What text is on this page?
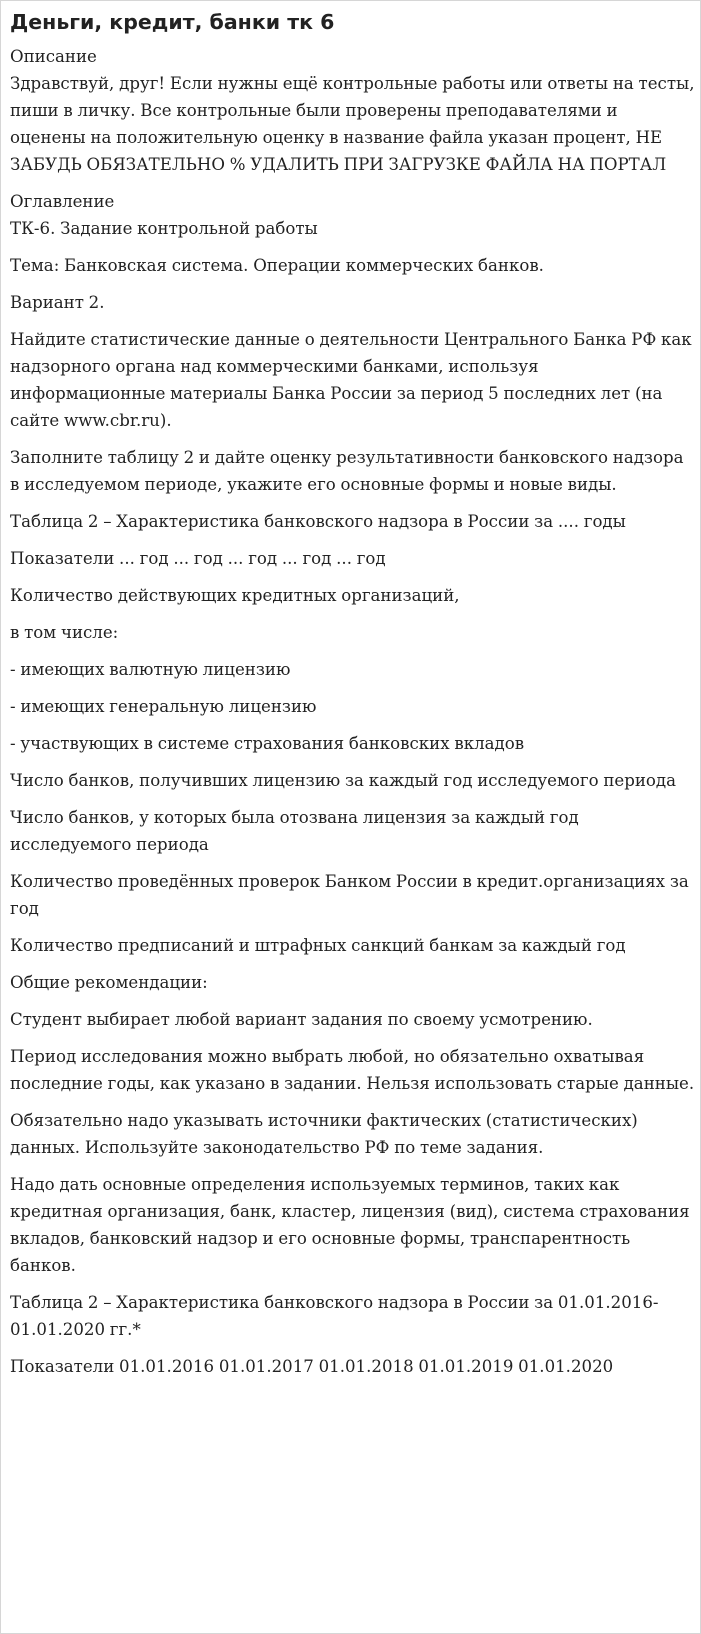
Деньги, кредит, банки тк 6
Описание
Здравствуй, друг! Если нужны ещё контрольные работы или ответы на тесты, пиши в личку. Все контрольные были проверены преподавателями и оценены на положительную оценку в название файла указан процент, НЕ ЗАБУДЬ ОБЯЗАТЕЛЬНО % УДАЛИТЬ ПРИ ЗАГРУЗКЕ ФАЙЛА НА ПОРТАЛ
Оглавление
ТК-6. Задание контрольной работы
Тема: Банковская система. Операции коммерческих банков.
Вариант 2.
Найдите статистические данные о деятельности Центрального Банка РФ как надзорного органа над коммерческими банками, используя информационные материалы Банка России за период 5 последних лет (на сайте www.cbr.ru).
Заполните таблицу 2 и дайте оценку результативности банковского надзора в исследуемом периоде, укажите его основные формы и новые виды.
Таблица 2 – Характеристика банковского надзора в России за .... годы
Показатели ... год ... год ... год ... год ... год
Количество действующих кредитных организаций,
в том числе:
- имеющих валютную лицензию
- имеющих генеральную лицензию
- участвующих в системе страхования банковских вкладов
Число банков, получивших лицензию за каждый год исследуемого периода
Число банков, у которых была отозвана лицензия за каждый год исследуемого периода
Количество проведённых проверок Банком России в кредит.организациях за год
Количество предписаний и штрафных санкций банкам за каждый год
Общие рекомендации:
Студент выбирает любой вариант задания по своему усмотрению.
Период исследования можно выбрать любой, но обязательно охватывая последние годы, как указано в задании. Нельзя использовать старые данные.
Обязательно надо указывать источники фактических (статистических) данных. Используйте законодательство РФ по теме задания.
Надо дать основные определения используемых терминов, таких как кредитная организация, банк, кластер, лицензия (вид), система страхования вкладов, банковский надзор и его основные формы, транспарентность банков.
Таблица 2 – Характеристика банковского надзора в России за 01.01.2016-01.01.2020 гг.*
Показатели 01.01.2016 01.01.2017 01.01.2018 01.01.2019 01.01.2020
